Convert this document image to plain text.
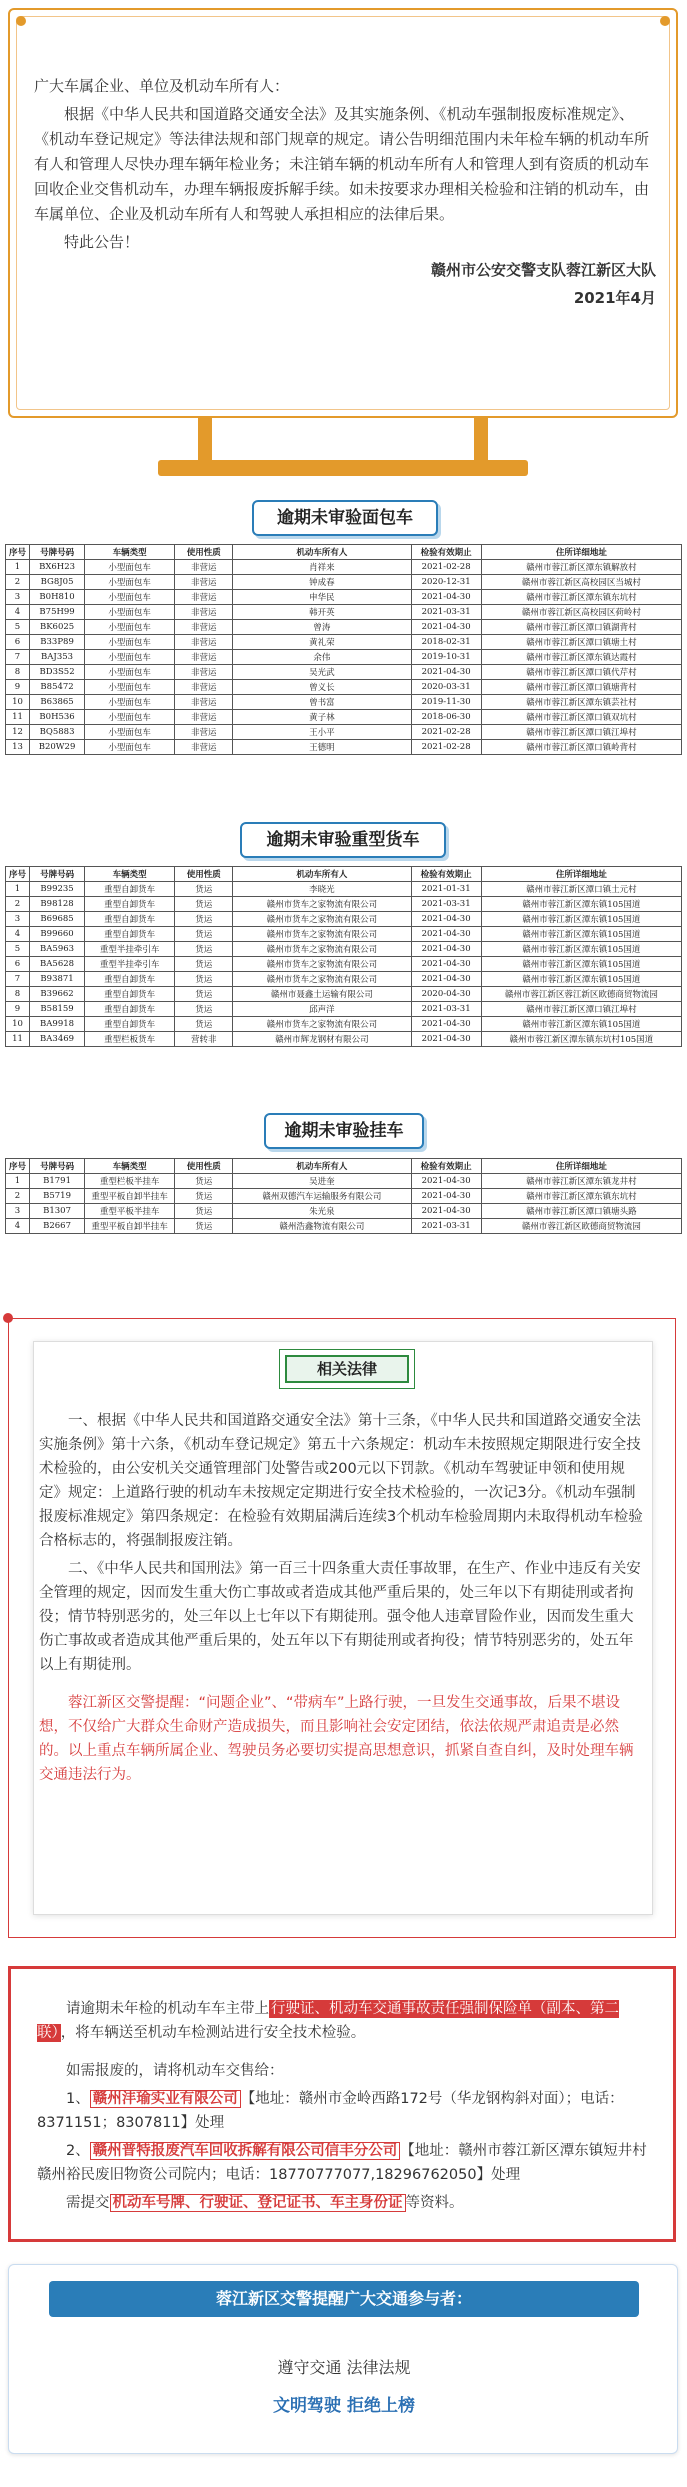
广大车属企业、单位及机动车所有人：

根据《中华人民共和国道路交通安全法》及其实施条例、《机动车强制报废标准规定》、《机动车登记规定》等法律法规和部门规章的规定。请公告明细范围内未年检车辆的机动车所有人和管理人尽快办理车辆年检业务；未注销车辆的机动车所有人和管理人到有资质的机动车回收企业交售机动车，办理车辆报废拆解手续。如未按要求办理相关检验和注销的机动车，由车属单位、企业及机动车所有人和驾驶人承担相应的法律后果。

特此公告！

赣州市公安交警支队蓉江新区大队

2021年4月

逾期未审验面包车
序号	号牌号码	车辆类型	使用性质	机动车所有人	检验有效期止	住所详细地址
1	BX6H23	小型面包车	非营运	肖祥来	2021-02-28	赣州市蓉江新区潭东镇解放村
2	BG8J05	小型面包车	非营运	钟成春	2020-12-31	赣州市蓉江新区高校园区当城村
3	B0H810	小型面包车	非营运	申华民	2021-04-30	赣州市蓉江新区潭东镇东坑村
4	B75H99	小型面包车	非营运	韩开英	2021-03-31	赣州市蓉江新区高校园区荷岭村
5	BK6025	小型面包车	非营运	曾涛	2021-04-30	赣州市蓉江新区潭口镇湖背村
6	B33P89	小型面包车	非营运	黄礼荣	2018-02-31	赣州市蓉江新区潭口镇塘土村
7	BAJ353	小型面包车	非营运	余伟	2019-10-31	赣州市蓉江新区潭东镇达霞村
8	BD3S52	小型面包车	非营运	吴光武	2021-04-30	赣州市蓉江新区潭口镇代芹村
9	B85472	小型面包车	非营运	曾义长	2020-03-31	赣州市蓉江新区潭口镇塘背村
10	B63865	小型面包车	非营运	曾书富	2019-11-30	赣州市蓉江新区潭东镇芸社村
11	B0H536	小型面包车	非营运	黄子林	2018-06-30	赣州市蓉江新区潭口镇双坑村
12	BQ5883	小型面包车	非营运	王小平	2021-02-28	赣州市蓉江新区潭口镇江埠村
13	B20W29	小型面包车	非营运	王德明	2021-02-28	赣州市蓉江新区潭口镇岭背村
逾期未审验重型货车
序号	号牌号码	车辆类型	使用性质	机动车所有人	检验有效期止	住所详细地址
1	B99235	重型自卸货车	货运	李晓光	2021-01-31	赣州市蓉江新区潭口镇土元村
2	B98128	重型自卸货车	货运	赣州市货车之家物流有限公司	2021-03-31	赣州市蓉江新区潭东镇105国道
3	B69685	重型自卸货车	货运	赣州市货车之家物流有限公司	2021-04-30	赣州市蓉江新区潭东镇105国道
4	B99660	重型自卸货车	货运	赣州市货车之家物流有限公司	2021-04-30	赣州市蓉江新区潭东镇105国道
5	BA5963	重型半挂牵引车	货运	赣州市货车之家物流有限公司	2021-04-30	赣州市蓉江新区潭东镇105国道
6	BA5628	重型半挂牵引车	货运	赣州市货车之家物流有限公司	2021-04-30	赣州市蓉江新区潭东镇105国道
7	B93871	重型自卸货车	货运	赣州市货车之家物流有限公司	2021-04-30	赣州市蓉江新区潭东镇105国道
8	B39662	重型自卸货车	货运	赣州市聂鑫土运输有限公司	2020-04-30	赣州市蓉江新区蓉江新区欧德商贸物流园
9	B58159	重型自卸货车	货运	邱声洋	2021-03-31	赣州市蓉江新区潭口镇江埠村
10	BA9918	重型自卸货车	货运	赣州市货车之家物流有限公司	2021-04-30	赣州市蓉江新区潭东镇105国道
11	BA3469	重型栏板货车	营转非	赣州市辉龙钢材有限公司	2021-04-30	赣州市蓉江新区潭东镇东坑村105国道
逾期未审验挂车
序号	号牌号码	车辆类型	使用性质	机动车所有人	检验有效期止	住所详细地址
1	B1791	重型栏板半挂车	货运	吴进奎	2021-04-30	赣州市蓉江新区潭东镇龙井村
2	B5719	重型平板自卸半挂车	货运	赣州双德汽车运输服务有限公司	2021-04-30	赣州市蓉江新区潭东镇东坑村
3	B1307	重型平板半挂车	货运	朱光泉	2021-04-30	赣州市蓉江新区潭口镇塘头路
4	B2667	重型平板自卸半挂车	货运	赣州浩鑫物流有限公司	2021-03-31	赣州市蓉江新区欧德商贸物流园
相关法律

一、根据《中华人民共和国道路交通安全法》第十三条，《中华人民共和国道路交通安全法实施条例》第十六条，《机动车登记规定》第五十六条规定：机动车未按照规定期限进行安全技术检验的，由公安机关交通管理部门处警告或200元以下罚款。《机动车驾驶证申领和使用规定》规定：上道路行驶的机动车未按规定定期进行安全技术检验的，一次记3分。《机动车强制报废标准规定》第四条规定：在检验有效期届满后连续3个机动车检验周期内未取得机动车检验合格标志的，将强制报废注销。

二、《中华人民共和国刑法》第一百三十四条重大责任事故罪，在生产、作业中违反有关安全管理的规定，因而发生重大伤亡事故或者造成其他严重后果的，处三年以下有期徒刑或者拘役；情节特别恶劣的，处三年以上七年以下有期徒刑。强令他人违章冒险作业，因而发生重大伤亡事故或者造成其他严重后果的，处五年以下有期徒刑或者拘役；情节特别恶劣的，处五年以上有期徒刑。

蓉江新区交警提醒：“问题企业”、“带病车”上路行驶，一旦发生交通事故，后果不堪设想，不仅给广大群众生命财产造成损失，而且影响社会安定团结，依法依规严肃追责是必然的。以上重点车辆所属企业、驾驶员务必要切实提高思想意识，抓紧自查自纠，及时处理车辆交通违法行为。

请逾期未年检的机动车车主带上 行驶证、机动车交通事故责任强制保险单（副本、第二联） ，将车辆送至机动车检测站进行安全技术检验。

如需报废的，请将机动车交售给：

1、 赣州沣瑜实业有限公司 【地址：赣州市金岭西路172号（华龙钢构斜对面）；电话：8371151；8307811】处理

2、 赣州普特报废汽车回收拆解有限公司信丰分公司 【地址：赣州市蓉江新区潭东镇短井村赣州裕民废旧物资公司院内；电话：18770777077,18296762050】处理

需提交 机动车号牌、行驶证、登记证书、车主身份证 等资料。

蓉江新区交警提醒广大交通参与者：
遵守交通 法律法规
文明驾驶 拒绝上榜
